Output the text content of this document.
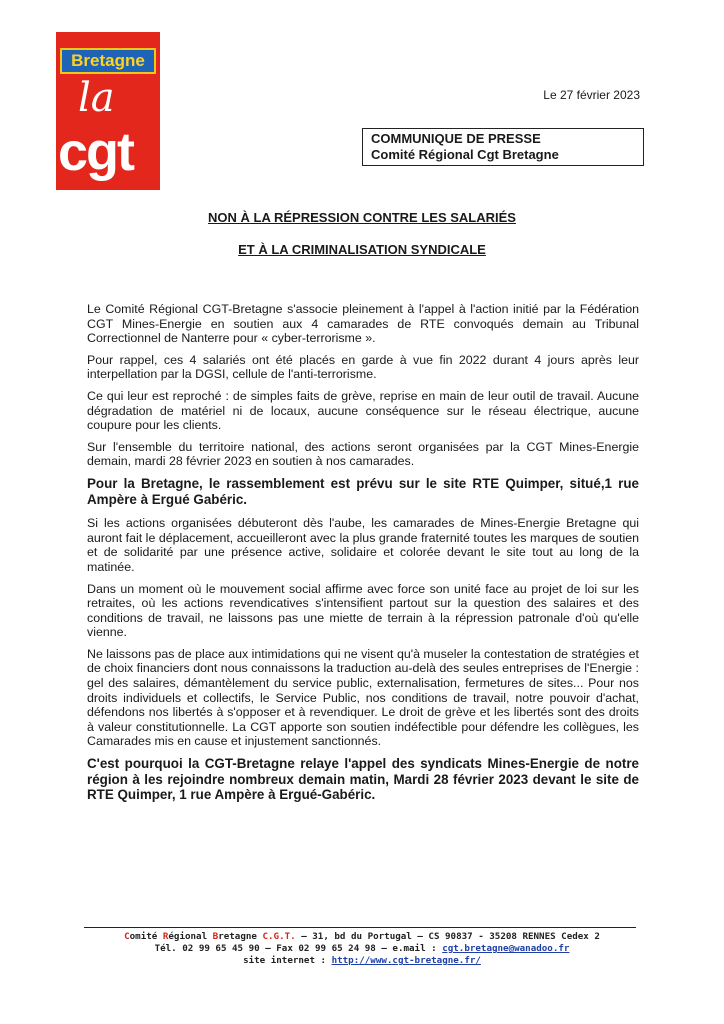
Bretagne
la
cgt
Le 27 février 2023
COMMUNIQUE DE PRESSE
Comité Régional Cgt Bretagne
NON À LA RÉPRESSION CONTRE LES SALARIÉS
ET À LA CRIMINALISATION SYNDICALE

Le Comité Régional CGT-Bretagne s'associe pleinement à l'appel à l'action initié par la Fédération CGT Mines-Energie en soutien aux 4 camarades de RTE convoqués demain au Tribunal Correctionnel de Nanterre pour « cyber-terrorisme ».

Pour rappel, ces 4 salariés ont été placés en garde à vue fin 2022 durant 4 jours après leur interpellation par la DGSI, cellule de l'anti-terrorisme.

Ce qui leur est reproché : de simples faits de grève, reprise en main de leur outil de travail. Aucune dégradation de matériel ni de locaux, aucune conséquence sur le réseau électrique, aucune coupure pour les clients.

Sur l'ensemble du territoire national, des actions seront organisées par la CGT Mines-Energie demain, mardi 28 février 2023 en soutien à nos camarades.

Pour la Bretagne, le rassemblement est prévu sur le site RTE Quimper, situé,1 rue Ampère à Ergué Gabéric.

Si les actions organisées débuteront dès l'aube, les camarades de Mines-Energie Bretagne qui auront fait le déplacement, accueilleront avec la plus grande fraternité toutes les marques de soutien et de solidarité par une présence active, solidaire et colorée devant le site tout au long de la matinée.

Dans un moment où le mouvement social affirme avec force son unité face au projet de loi sur les retraites, où les actions revendicatives s'intensifient partout sur la question des salaires et des conditions de travail, ne laissons pas une miette de terrain à la répression patronale d'où qu'elle vienne.

Ne laissons pas de place aux intimidations qui ne visent qu'à museler la contestation de stratégies et de choix financiers dont nous connaissons la traduction au-delà des seules entreprises de l'Energie : gel des salaires, démantèlement du service public, externalisation, fermetures de sites... Pour nos droits individuels et collectifs, le Service Public, nos conditions de travail, notre pouvoir d'achat, défendons nos libertés à s'opposer et à revendiquer. Le droit de grève et les libertés sont des droits à valeur constitutionnelle. La CGT apporte son soutien indéfectible pour défendre les collègues, les Camarades mis en cause et injustement sanctionnés.

C'est pourquoi la CGT-Bretagne relaye l'appel des syndicats Mines-Energie de notre région à les rejoindre nombreux demain matin, Mardi 28 février 2023 devant le site de RTE Quimper, 1 rue Ampère à Ergué-Gabéric.

Comité Régional Bretagne C.G.T. – 31, bd du Portugal – CS 90837 - 35208 RENNES Cedex 2
Tél. 02 99 65 45 90 – Fax 02 99 65 24 98 – e.mail : cgt.bretagne@wanadoo.fr
site internet : http://www.cgt-bretagne.fr/
